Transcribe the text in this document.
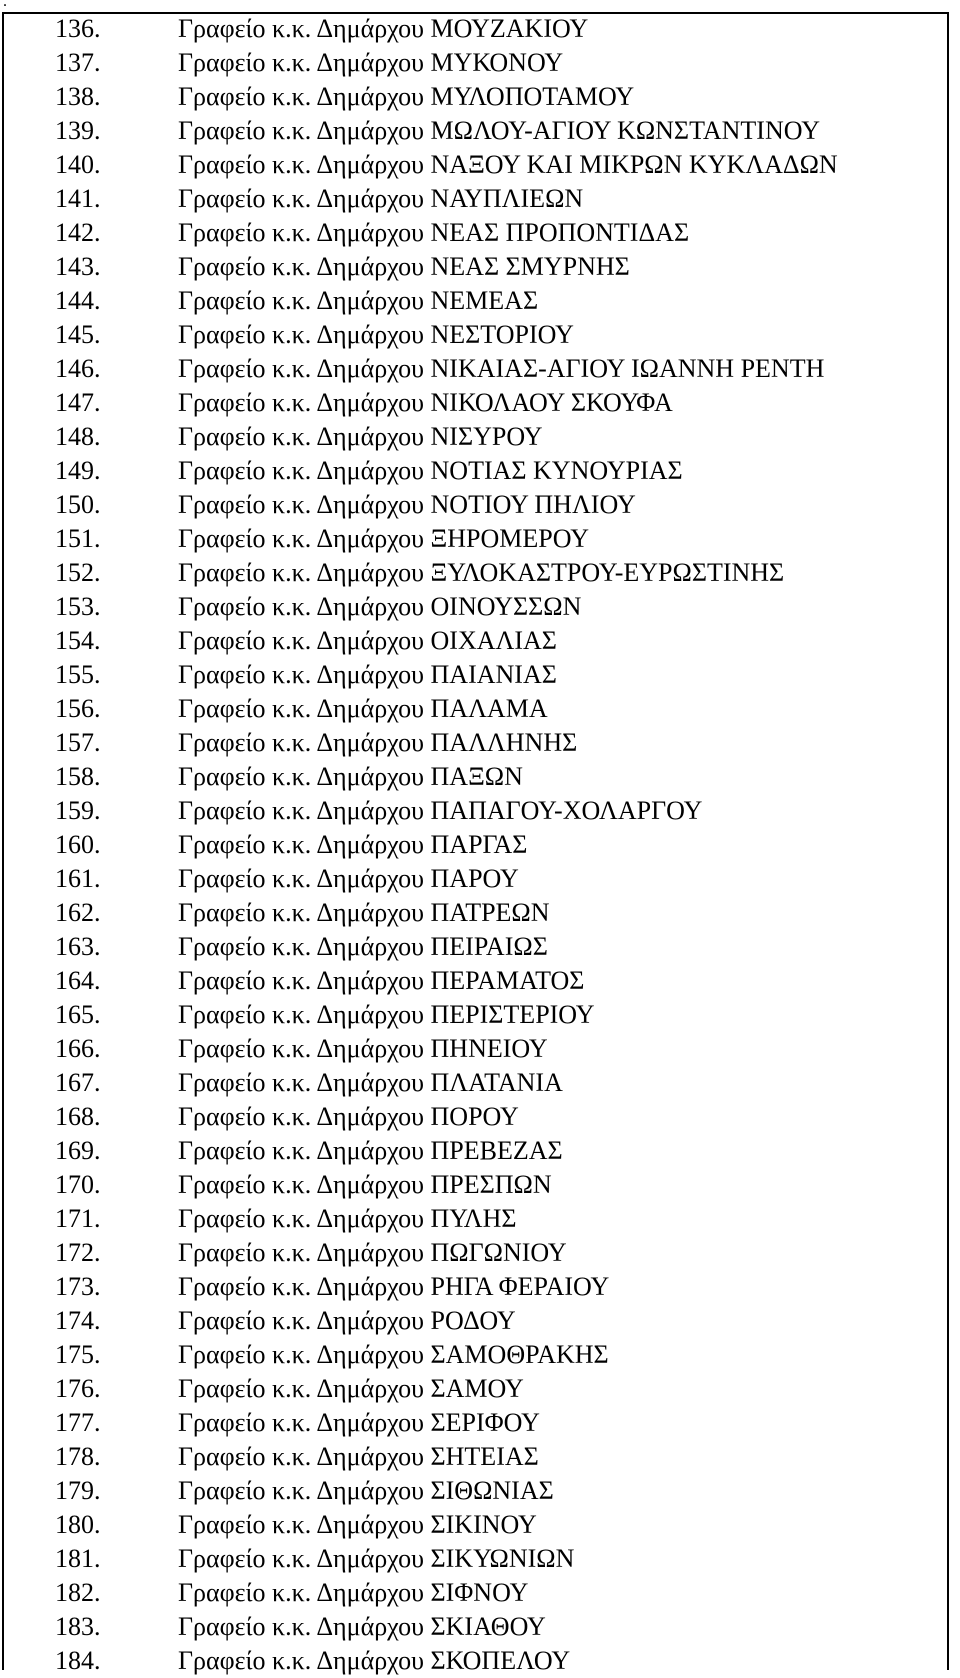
.
136.	Γραφείο κ.κ. Δημάρχου ΜΟΥΖΑΚΙΟΥ
137.	Γραφείο κ.κ. Δημάρχου ΜΥΚΟΝΟΥ
138.	Γραφείο κ.κ. Δημάρχου ΜΥΛΟΠΟΤΑΜΟΥ
139.	Γραφείο κ.κ. Δημάρχου ΜΩΛΟΥ-ΑΓΙΟΥ ΚΩΝΣΤΑΝΤΙΝΟΥ
140.	Γραφείο κ.κ. Δημάρχου ΝΑΞΟΥ ΚΑΙ ΜΙΚΡΩΝ ΚΥΚΛΑΔΩΝ
141.	Γραφείο κ.κ. Δημάρχου ΝΑΥΠΛΙΕΩΝ
142.	Γραφείο κ.κ. Δημάρχου ΝΕΑΣ ΠΡΟΠΟΝΤΙΔΑΣ
143.	Γραφείο κ.κ. Δημάρχου ΝΕΑΣ ΣΜΥΡΝΗΣ
144.	Γραφείο κ.κ. Δημάρχου ΝΕΜΕΑΣ
145.	Γραφείο κ.κ. Δημάρχου ΝΕΣΤΟΡΙΟΥ
146.	Γραφείο κ.κ. Δημάρχου ΝΙΚΑΙΑΣ-ΑΓΙΟΥ ΙΩΑΝΝΗ ΡΕΝΤΗ
147.	Γραφείο κ.κ. Δημάρχου ΝΙΚΟΛΑΟΥ ΣΚΟΥΦΑ
148.	Γραφείο κ.κ. Δημάρχου ΝΙΣΥΡΟΥ
149.	Γραφείο κ.κ. Δημάρχου ΝΟΤΙΑΣ ΚΥΝΟΥΡΙΑΣ
150.	Γραφείο κ.κ. Δημάρχου ΝΟΤΙΟΥ ΠΗΛΙΟΥ
151.	Γραφείο κ.κ. Δημάρχου ΞΗΡΟΜΕΡΟΥ
152.	Γραφείο κ.κ. Δημάρχου ΞΥΛΟΚΑΣΤΡΟΥ-ΕΥΡΩΣΤΙΝΗΣ
153.	Γραφείο κ.κ. Δημάρχου ΟΙΝΟΥΣΣΩΝ
154.	Γραφείο κ.κ. Δημάρχου ΟΙΧΑΛΙΑΣ
155.	Γραφείο κ.κ. Δημάρχου ΠΑΙΑΝΙΑΣ
156.	Γραφείο κ.κ. Δημάρχου ΠΑΛΑΜΑ
157.	Γραφείο κ.κ. Δημάρχου ΠΑΛΛΗΝΗΣ
158.	Γραφείο κ.κ. Δημάρχου ΠΑΞΩΝ
159.	Γραφείο κ.κ. Δημάρχου ΠΑΠΑΓΟΥ-ΧΟΛΑΡΓΟΥ
160.	Γραφείο κ.κ. Δημάρχου ΠΑΡΓΑΣ
161.	Γραφείο κ.κ. Δημάρχου ΠΑΡΟΥ
162.	Γραφείο κ.κ. Δημάρχου ΠΑΤΡΕΩΝ
163.	Γραφείο κ.κ. Δημάρχου ΠΕΙΡΑΙΩΣ
164.	Γραφείο κ.κ. Δημάρχου ΠΕΡΑΜΑΤΟΣ
165.	Γραφείο κ.κ. Δημάρχου ΠΕΡΙΣΤΕΡΙΟΥ
166.	Γραφείο κ.κ. Δημάρχου ΠΗΝΕΙΟΥ
167.	Γραφείο κ.κ. Δημάρχου ΠΛΑΤΑΝΙΑ
168.	Γραφείο κ.κ. Δημάρχου ΠΟΡΟΥ
169.	Γραφείο κ.κ. Δημάρχου ΠΡΕΒΕΖΑΣ
170.	Γραφείο κ.κ. Δημάρχου ΠΡΕΣΠΩΝ
171.	Γραφείο κ.κ. Δημάρχου ΠΥΛΗΣ
172.	Γραφείο κ.κ. Δημάρχου ΠΩΓΩΝΙΟΥ
173.	Γραφείο κ.κ. Δημάρχου ΡΗΓΑ ΦΕΡΑΙΟΥ
174.	Γραφείο κ.κ. Δημάρχου ΡΟΔΟΥ
175.	Γραφείο κ.κ. Δημάρχου ΣΑΜΟΘΡΑΚΗΣ
176.	Γραφείο κ.κ. Δημάρχου ΣΑΜΟΥ
177.	Γραφείο κ.κ. Δημάρχου ΣΕΡΙΦΟΥ
178.	Γραφείο κ.κ. Δημάρχου ΣΗΤΕΙΑΣ
179.	Γραφείο κ.κ. Δημάρχου ΣΙΘΩΝΙΑΣ
180.	Γραφείο κ.κ. Δημάρχου ΣΙΚΙΝΟΥ
181.	Γραφείο κ.κ. Δημάρχου ΣΙΚΥΩΝΙΩΝ
182.	Γραφείο κ.κ. Δημάρχου ΣΙΦΝΟΥ
183.	Γραφείο κ.κ. Δημάρχου ΣΚΙΑΘΟΥ
184.	Γραφείο κ.κ. Δημάρχου ΣΚΟΠΕΛΟΥ
